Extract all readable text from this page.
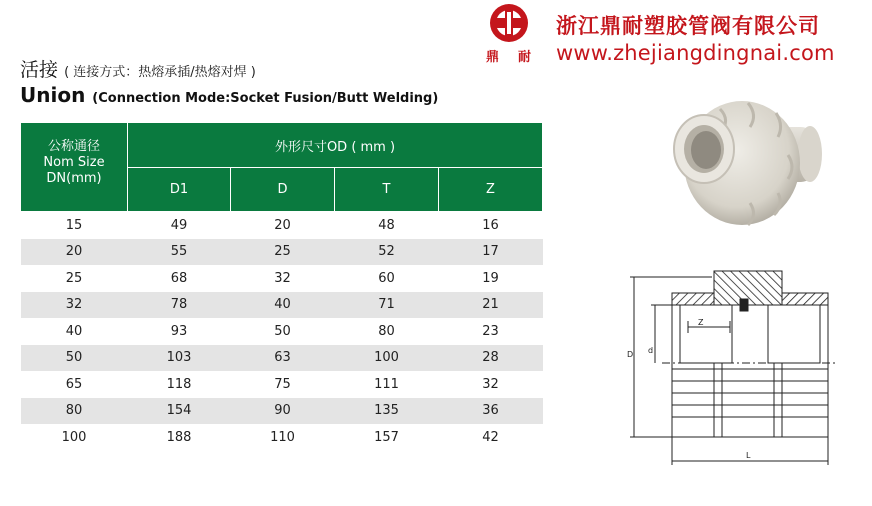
鼎 耐
浙江鼎耐塑胶管阀有限公司
www.zhejiangdingnai.com
活接 ( 连接方式：热熔承插/热熔对焊 )
Union (Connection Mode:Socket Fusion/Butt Welding)
公称通径
Nom Size
DN(mm)	外形尺寸OD ( mm )			
	D1	D	T	Z
15	49	20	48	16
20	55	25	52	17
25	68	32	60	19
32	78	40	71	21
40	93	50	80	23
50	103	63	100	28
65	118	75	111	32
80	154	90	135	36
100	188	110	157	42
Z
d
D
L
